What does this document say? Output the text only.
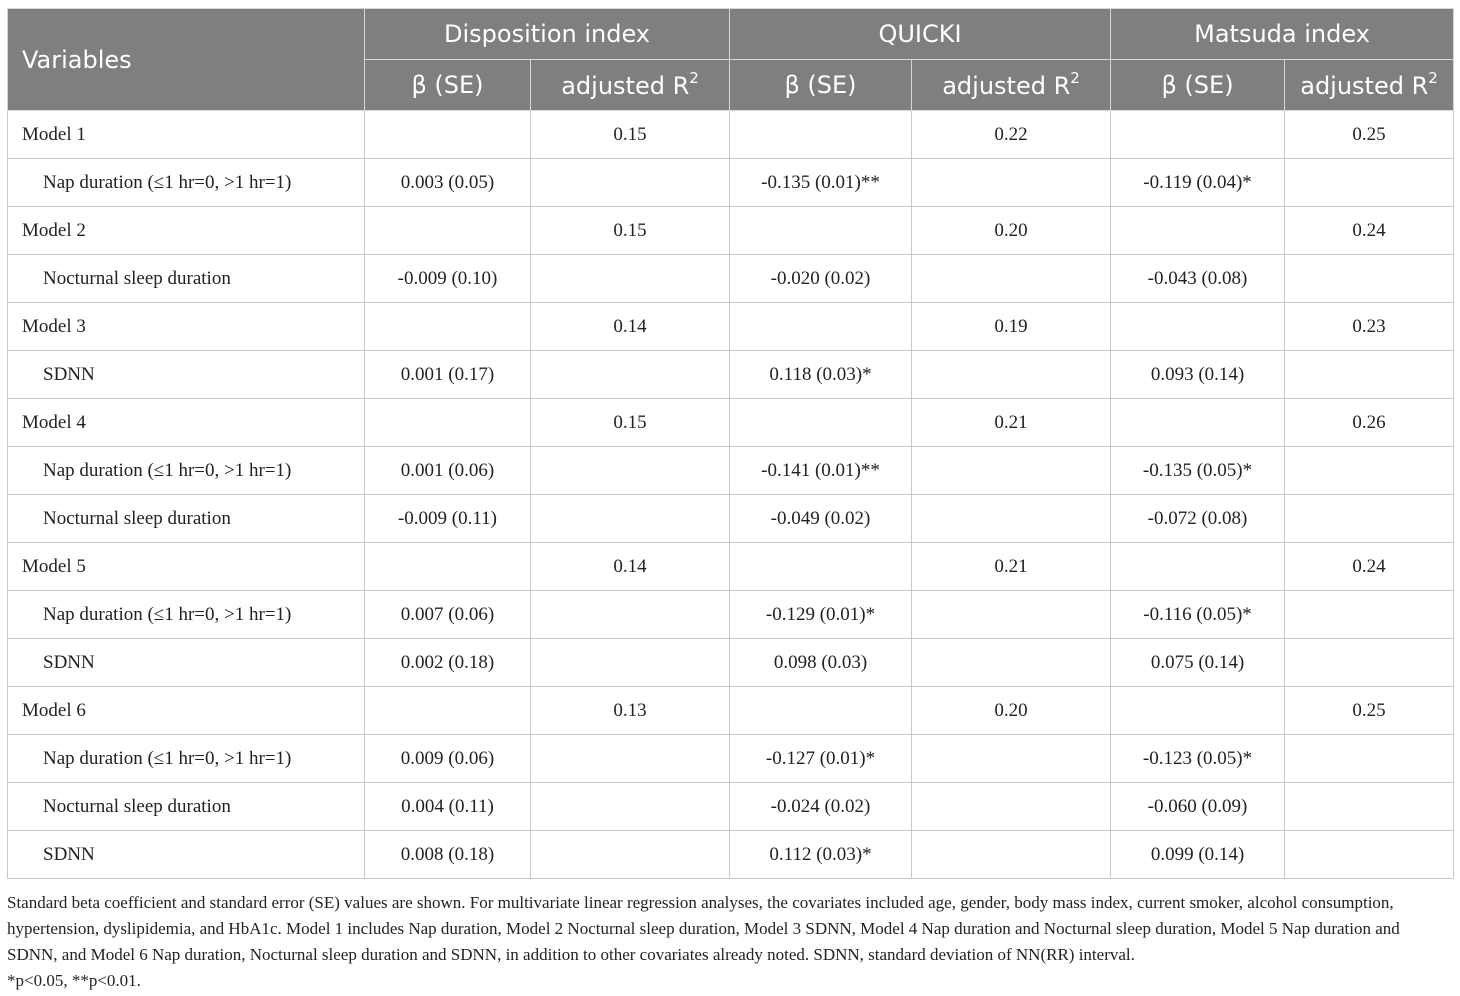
Variables	Disposition index		QUICKI		Matsuda index	
	β (SE)	adjusted $R^2$	β (SE)	adjusted $R^2$	β (SE)	adjusted $R^2$
Model 1		0.15		0.22		0.25
Nap duration (≤1 hr=0, >1 hr=1)	0.003 (0.05)		-0.135 (0.01)**		-0.119 (0.04)*	
Model 2		0.15		0.20		0.24
Nocturnal sleep duration	-0.009 (0.10)		-0.020 (0.02)		-0.043 (0.08)	
Model 3		0.14		0.19		0.23
SDNN	0.001 (0.17)		0.118 (0.03)*		0.093 (0.14)	
Model 4		0.15		0.21		0.26
Nap duration (≤1 hr=0, >1 hr=1)	0.001 (0.06)		-0.141 (0.01)**		-0.135 (0.05)*	
Nocturnal sleep duration	-0.009 (0.11)		-0.049 (0.02)		-0.072 (0.08)	
Model 5		0.14		0.21		0.24
Nap duration (≤1 hr=0, >1 hr=1)	0.007 (0.06)		-0.129 (0.01)*		-0.116 (0.05)*	
SDNN	0.002 (0.18)		0.098 (0.03)		0.075 (0.14)	
Model 6		0.13		0.20		0.25
Nap duration (≤1 hr=0, >1 hr=1)	0.009 (0.06)		-0.127 (0.01)*		-0.123 (0.05)*	
Nocturnal sleep duration	0.004 (0.11)		-0.024 (0.02)		-0.060 (0.09)	
SDNN	0.008 (0.18)		0.112 (0.03)*		0.099 (0.14)	

Standard beta coefficient and standard error (SE) values are shown. For multivariate linear regression analyses, the covariates included age, gender, body mass index, current smoker, alcohol consumption, hypertension, dyslipidemia, and HbA1c. Model 1 includes Nap duration, Model 2 Nocturnal sleep duration, Model 3 SDNN, Model 4 Nap duration and Nocturnal sleep duration, Model 5 Nap duration and SDNN, and Model 6 Nap duration, Nocturnal sleep duration and SDNN, in addition to other covariates already noted. SDNN, standard deviation of NN(RR) interval.

*p<0.05, **p<0.01.
